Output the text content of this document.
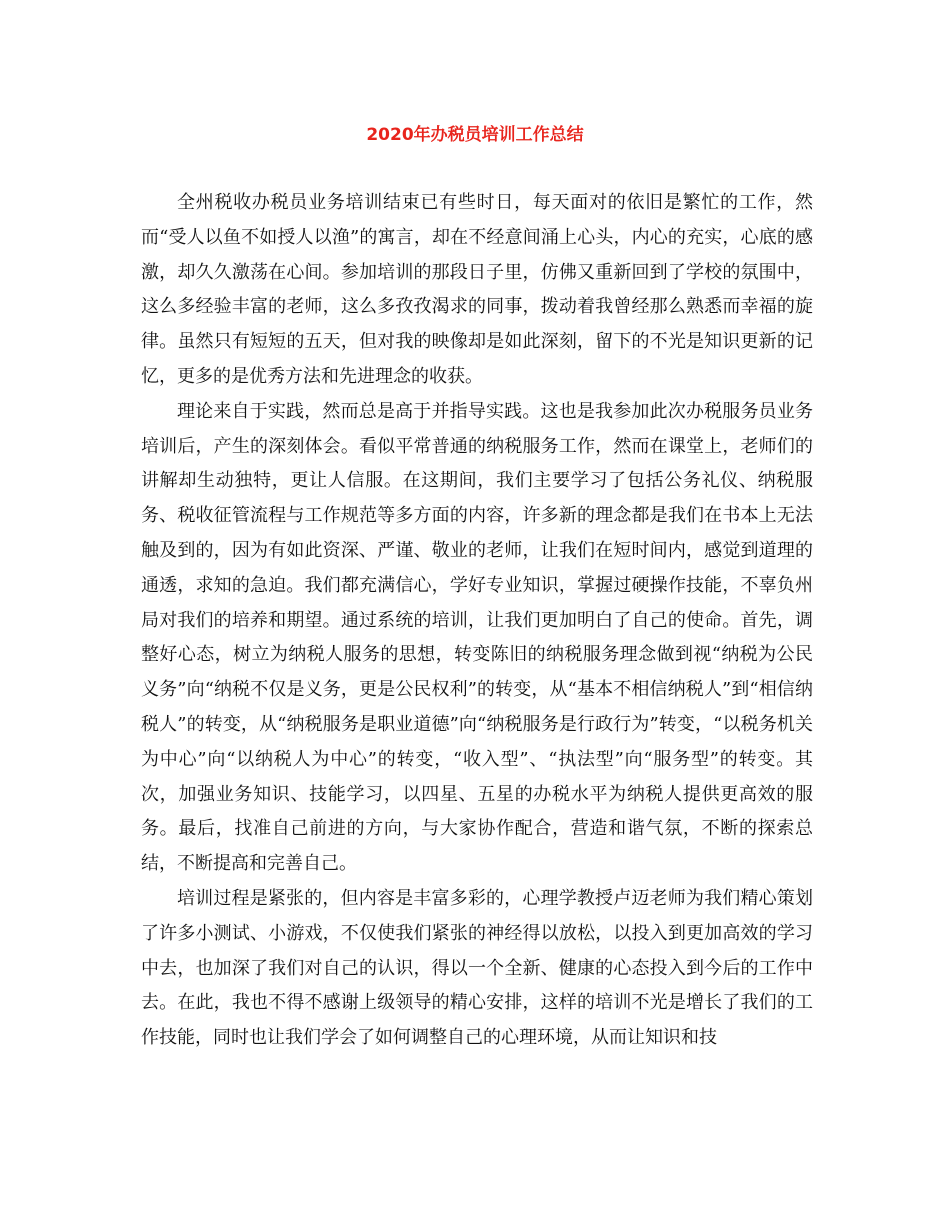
2020年办税员培训工作总结

全州税收办税员业务培训结束已有些时日，每天面对的依旧是繁忙的工作，然而“受人以鱼不如授人以渔”的寓言，却在不经意间涌上心头，内心的充实，心底的感激，却久久激荡在心间。参加培训的那段日子里，仿佛又重新回到了学校的氛围中，这么多经验丰富的老师，这么多孜孜渴求的同事，拨动着我曾经那么熟悉而幸福的旋律。虽然只有短短的五天，但对我的映像却是如此深刻，留下的不光是知识更新的记忆，更多的是优秀方法和先进理念的收获。

理论来自于实践，然而总是高于并指导实践。这也是我参加此次办税服务员业务培训后，产生的深刻体会。看似平常普通的纳税服务工作，然而在课堂上，老师们的讲解却生动独特，更让人信服。在这期间，我们主要学习了包括公务礼仪、纳税服务、税收征管流程与工作规范等多方面的内容，许多新的理念都是我们在书本上无法触及到的，因为有如此资深、严谨、敬业的老师，让我们在短时间内，感觉到道理的通透，求知的急迫。我们都充满信心，学好专业知识，掌握过硬操作技能，不辜负州局对我们的培养和期望。通过系统的培训，让我们更加明白了自己的使命。首先，调整好心态，树立为纳税人服务的思想，转变陈旧的纳税服务理念做到视“纳税为公民义务”向“纳税不仅是义务，更是公民权利”的转变，从“基本不相信纳税人”到“相信纳税人”的转变，从“纳税服务是职业道德”向“纳税服务是行政行为”转变，“以税务机关为中心”向“以纳税人为中心”的转变，“收入型”、“执法型”向“服务型”的转变。其次，加强业务知识、技能学习，以四星、五星的办税水平为纳税人提供更高效的服务。最后，找准自己前进的方向，与大家协作配合，营造和谐气氛，不断的探索总结，不断提高和完善自己。

培训过程是紧张的，但内容是丰富多彩的，心理学教授卢迈老师为我们精心策划了许多小测试、小游戏，不仅使我们紧张的神经得以放松，以投入到更加高效的学习中去，也加深了我们对自己的认识，得以一个全新、健康的心态投入到今后的工作中去。在此，我也不得不感谢上级领导的精心安排，这样的培训不光是增长了我们的工作技能，同时也让我们学会了如何调整自己的心理环境，从而让知识和技
